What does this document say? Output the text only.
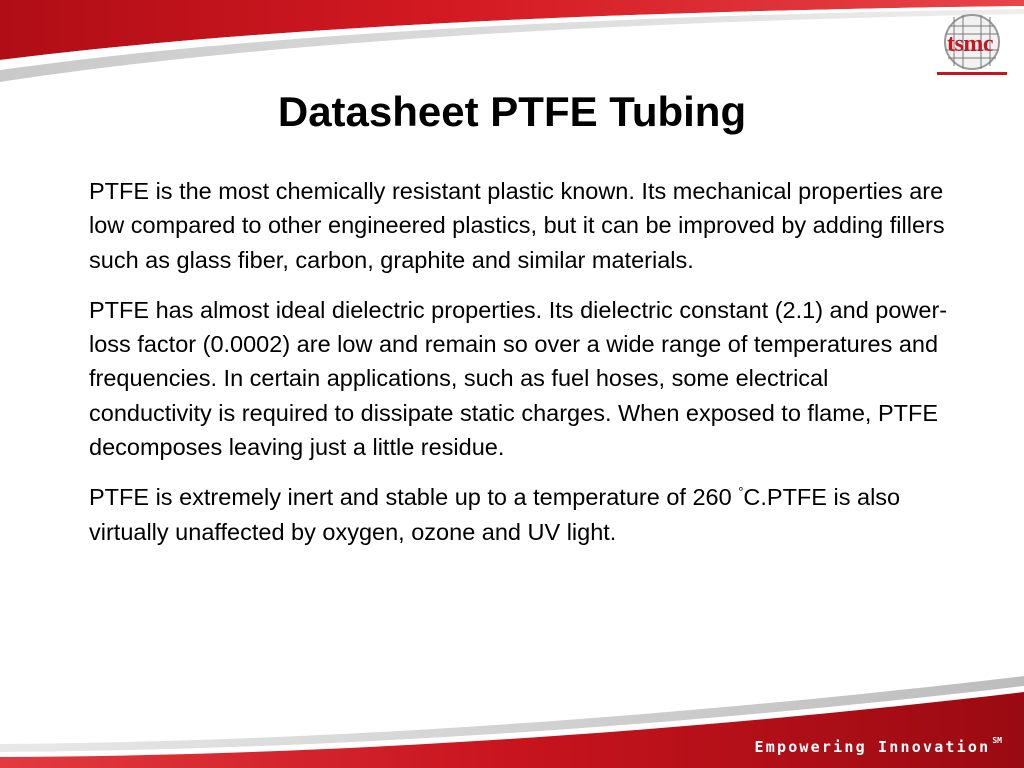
tsmc
Datasheet PTFE Tubing

PTFE is the most chemically resistant plastic known. Its mechanical properties are low compared to other engineered plastics, but it can be improved by adding fillers such as glass fiber, carbon, graphite and similar materials.

PTFE has almost ideal dielectric properties. Its dielectric constant (2.1) and power-loss factor (0.0002) are low and remain so over a wide range of temperatures and frequencies. In certain applications, such as fuel hoses, some electrical conductivity is required to dissipate static charges. When exposed to flame, PTFE decomposes leaving just a little residue.

PTFE is extremely inert and stable up to a temperature of 260 °C.PTFE is also virtually unaffected by oxygen, ozone and UV light.

Empowering Innovation ℠
